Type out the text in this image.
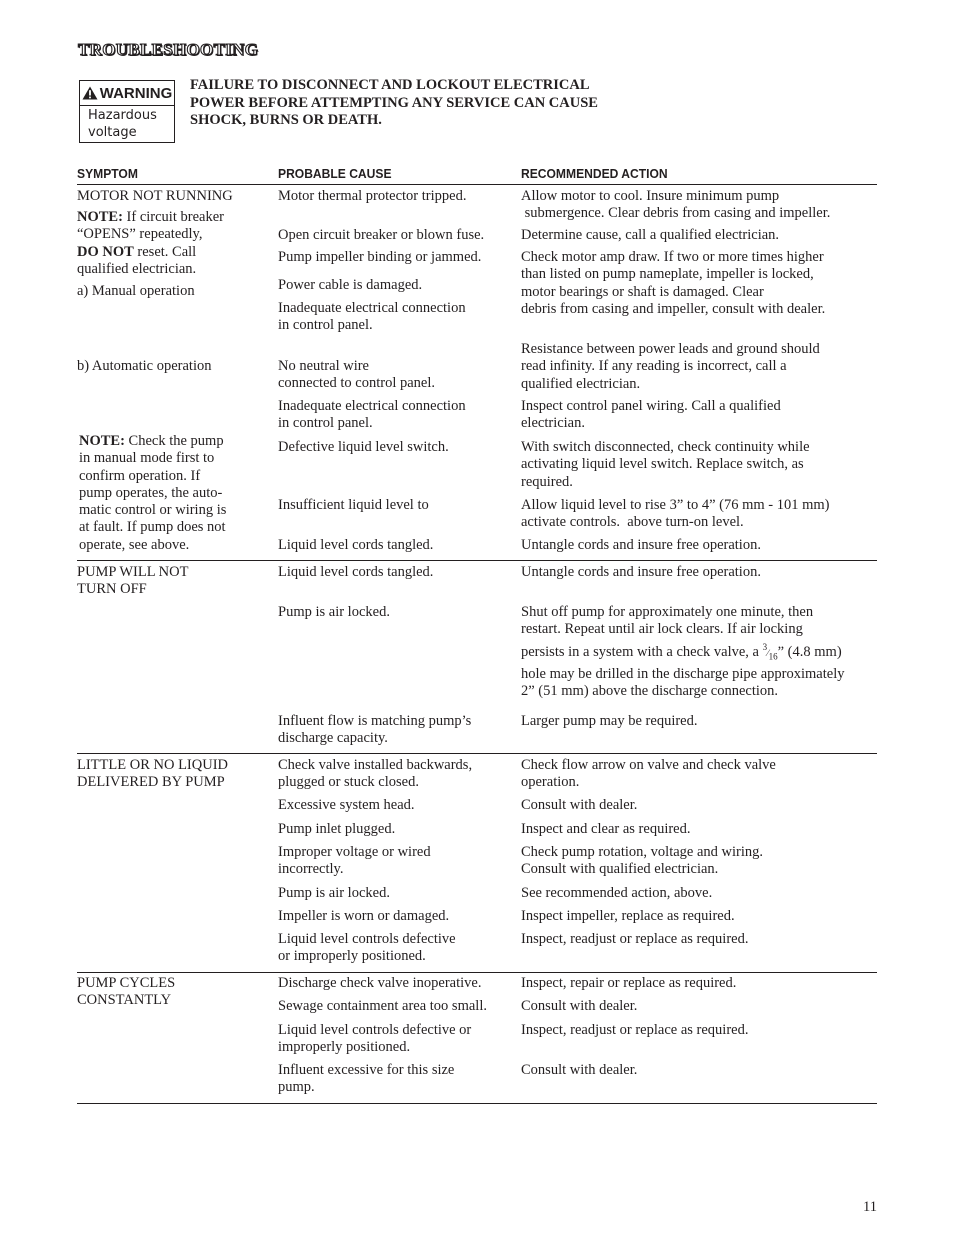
TROUBLESHOOTING
WARNING
Hazardous
voltage
FAILURE TO DISCONNECT AND LOCKOUT ELECTRICAL
POWER BEFORE ATTEMPTING ANY SERVICE CAN CAUSE
SHOCK, BURNS OR DEATH.
SYMPTOM	PROBABLE CAUSE	RECOMMENDED ACTION
MOTOR NOT RUNNING
NOTE: If circuit breaker
“OPENS” repeatedly,
DO NOT reset. Call
qualified electrician.
a) Manual operation
b) Automatic operation
NOTE: Check the pump
in manual mode first to
confirm operation. If
pump operates, the auto-
matic control or wiring is
at fault. If pump does not
operate, see above.
Motor thermal protector tripped.
Open circuit breaker or blown fuse.
Pump impeller binding or jammed.
Power cable is damaged.
Inadequate electrical connection
in control panel.
No neutral wire
connected to control panel.
Inadequate electrical connection
in control panel.
Defective liquid level switch.
Insufficient liquid level to
Liquid level cords tangled.
Allow motor to cool. Insure minimum pump
submergence. Clear debris from casing and impeller.
Determine cause, call a qualified electrician.
Check motor amp draw. If two or more times higher
than listed on pump nameplate, impeller is locked,
motor bearings or shaft is damaged. Clear
debris from casing and impeller, consult with dealer.
Resistance between power leads and ground should
read infinity. If any reading is incorrect, call a
qualified electrician.
Inspect control panel wiring. Call a qualified
electrician.
With switch disconnected, check continuity while
activating liquid level switch. Replace switch, as
required.
Allow liquid level to rise 3” to 4” (76 mm - 101 mm)
activate controls.  above turn-on level.
Untangle cords and insure free operation.
PUMP WILL NOT
TURN OFF
Liquid level cords tangled.
Pump is air locked.
Influent flow is matching pump’s
discharge capacity.
Untangle cords and insure free operation.
Shut off pump for approximately one minute, then
restart. Repeat until air lock clears. If air locking
persists in a system with a check valve, a $^3⁄_{16}$” (4.8 mm)
hole may be drilled in the discharge pipe approximately
2” (51 mm) above the discharge connection.
Larger pump may be required.
LITTLE OR NO LIQUID
DELIVERED BY PUMP
Check valve installed backwards,
plugged or stuck closed.
Excessive system head.
Pump inlet plugged.
Improper voltage or wired
incorrectly.
Pump is air locked.
Impeller is worn or damaged.
Liquid level controls defective
or improperly positioned.
Check flow arrow on valve and check valve
operation.
Consult with dealer.
Inspect and clear as required.
Check pump rotation, voltage and wiring.
Consult with qualified electrician.
See recommended action, above.
Inspect impeller, replace as required.
Inspect, readjust or replace as required.
PUMP CYCLES
CONSTANTLY
Discharge check valve inoperative.
Sewage containment area too small.
Liquid level controls defective or
improperly positioned.
Influent excessive for this size
pump.
Inspect, repair or replace as required.
Consult with dealer.
Inspect, readjust or replace as required.
Consult with dealer.
11
